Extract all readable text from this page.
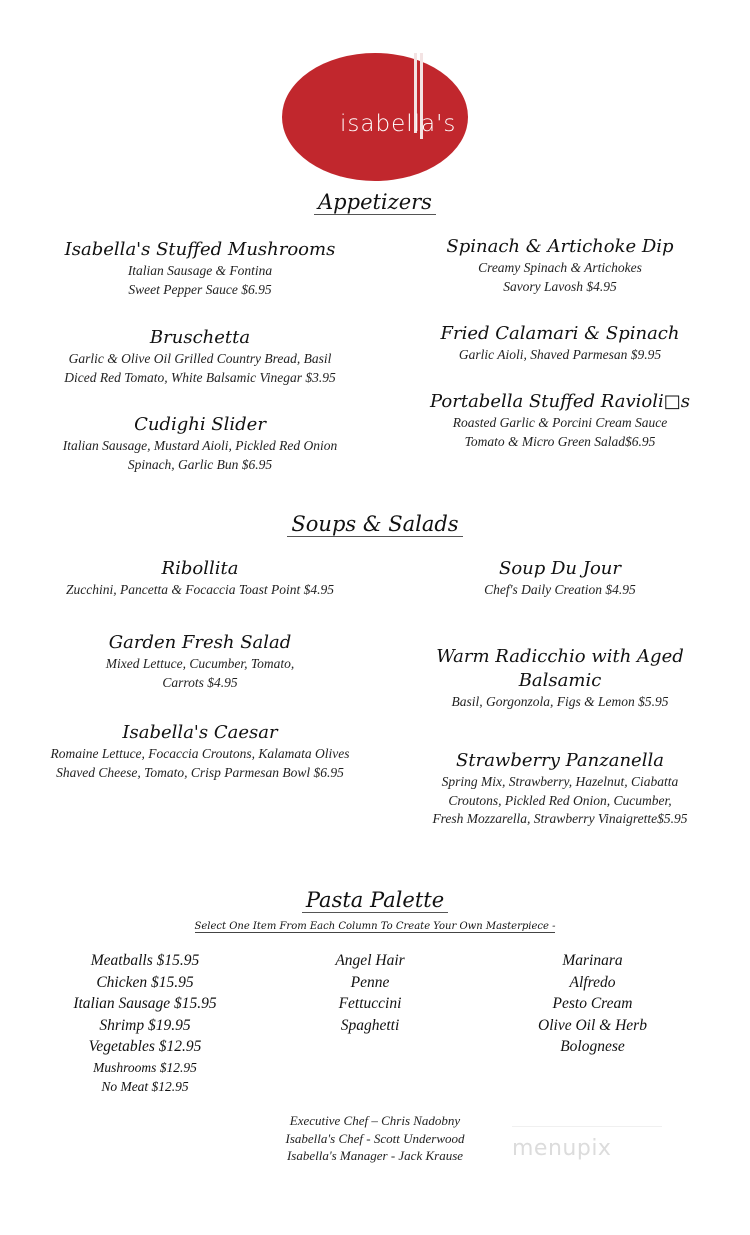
isabella's
Appetizers
Isabella's Stuffed Mushrooms
Italian Sausage & Fontina
Sweet Pepper Sauce $6.95
Bruschetta
Garlic & Olive Oil Grilled Country Bread, Basil
Diced Red Tomato, White Balsamic Vinegar $3.95
Cudighi Slider
Italian Sausage, Mustard Aioli, Pickled Red Onion
Spinach, Garlic Bun $6.95
Spinach & Artichoke Dip
Creamy Spinach & Artichokes
Savory Lavosh $4.95
Fried Calamari & Spinach
Garlic Aioli, Shaved Parmesan $9.95
Portabella Stuffed Ravioli□s
Roasted Garlic & Porcini Cream Sauce
Tomato & Micro Green Salad$6.95
Soups & Salads
Ribollita
Zucchini, Pancetta & Focaccia Toast Point $4.95
Garden Fresh Salad
Mixed Lettuce, Cucumber, Tomato,
Carrots $4.95
Isabella's Caesar
Romaine Lettuce, Focaccia Croutons, Kalamata Olives
Shaved Cheese, Tomato, Crisp Parmesan Bowl $6.95
Soup Du Jour
Chef's Daily Creation $4.95
Warm Radicchio with Aged
Balsamic
Basil, Gorgonzola, Figs & Lemon $5.95
Strawberry Panzanella
Spring Mix, Strawberry, Hazelnut, Ciabatta
Croutons, Pickled Red Onion, Cucumber,
Fresh Mozzarella, Strawberry Vinaigrette$5.95
Pasta Palette
Select One Item From Each Column To Create Your Own Masterpiece -
Meatballs $15.95
Chicken $15.95
Italian Sausage $15.95
Shrimp $19.95
Vegetables $12.95
Mushrooms $12.95
No Meat $12.95
Angel Hair
Penne
Fettuccini
Spaghetti
Marinara
Alfredo
Pesto Cream
Olive Oil & Herb
Bolognese
Executive Chef – Chris Nadobny
Isabella's Chef - Scott Underwood
Isabella's Manager - Jack Krause	menupix
